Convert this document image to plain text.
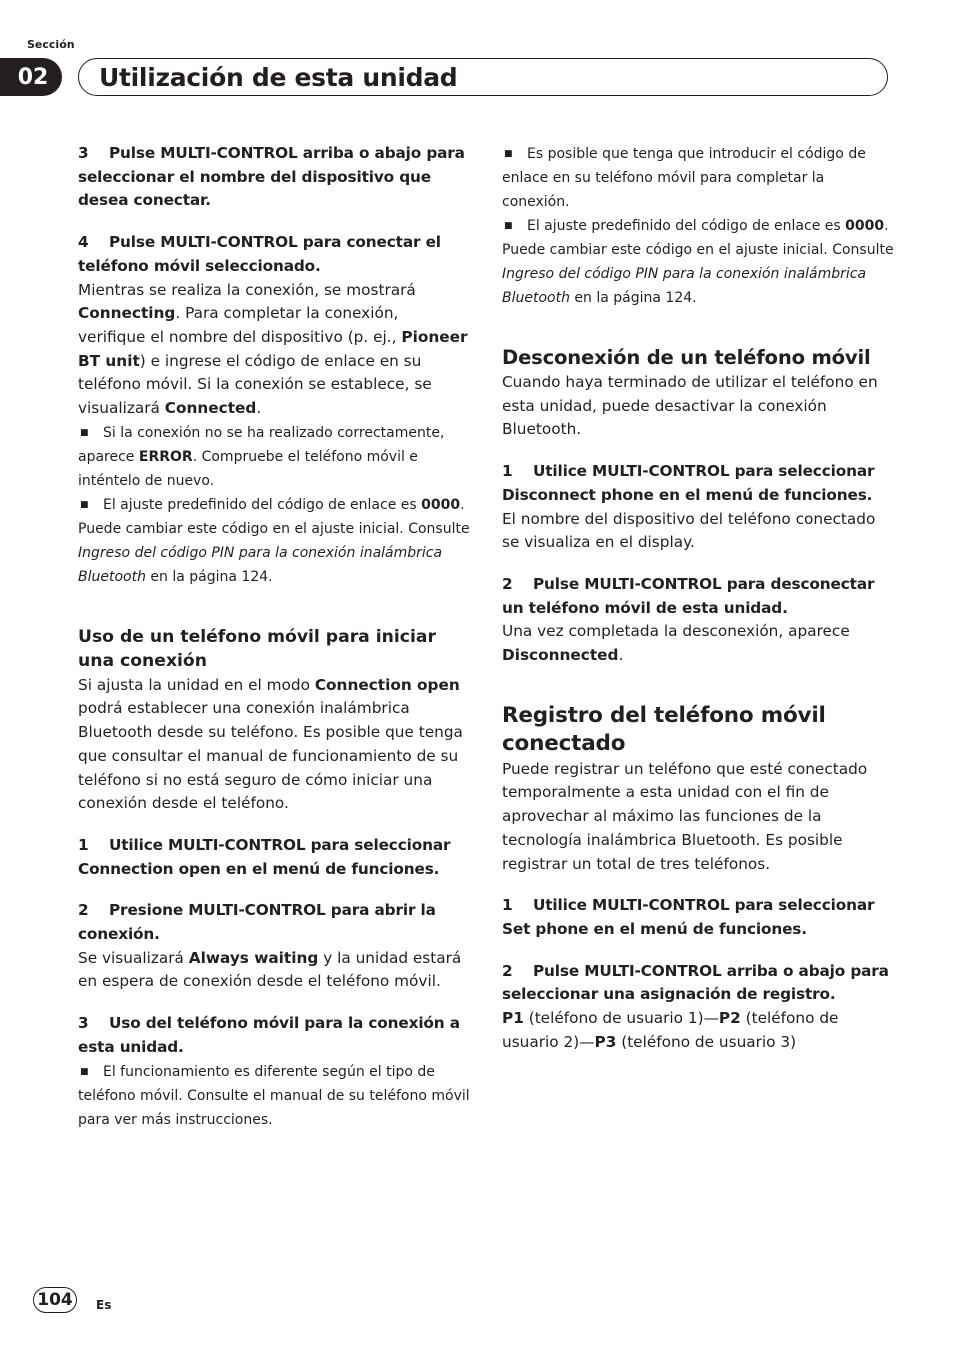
Sección
02	Utilización de esta unidad
3 Pulse MULTI-CONTROL arriba o abajo para seleccionar el nombre del dispositivo que desea conectar.
4 Pulse MULTI-CONTROL para conectar el teléfono móvil seleccionado.
Mientras se realiza la conexión, se mostrará Connecting. Para completar la conexión, verifique el nombre del dispositivo (p. ej., Pioneer BT unit) e ingrese el código de enlace en su teléfono móvil. Si la conexión se establece, se visualizará Connected.
■ Si la conexión no se ha realizado correctamente, aparece ERROR. Compruebe el teléfono móvil e inténtelo de nuevo.
■ El ajuste predefinido del código de enlace es 0000. Puede cambiar este código en el ajuste inicial. Consulte Ingreso del código PIN para la conexión inalámbrica Bluetooth en la página 124.
Uso de un teléfono móvil para iniciar una conexión
Si ajusta la unidad en el modo Connection open podrá establecer una conexión inalámbrica Bluetooth desde su teléfono. Es posible que tenga que consultar el manual de funcionamiento de su teléfono si no está seguro de cómo iniciar una conexión desde el teléfono.
1 Utilice MULTI-CONTROL para seleccionar Connection open en el menú de funciones.
2 Presione MULTI-CONTROL para abrir la conexión.
Se visualizará Always waiting y la unidad estará en espera de conexión desde el teléfono móvil.
3 Uso del teléfono móvil para la conexión a esta unidad.
■ El funcionamiento es diferente según el tipo de teléfono móvil. Consulte el manual de su teléfono móvil para ver más instrucciones.
■ Es posible que tenga que introducir el código de enlace en su teléfono móvil para completar la conexión.
■ El ajuste predefinido del código de enlace es 0000. Puede cambiar este código en el ajuste inicial. Consulte Ingreso del código PIN para la conexión inalámbrica Bluetooth en la página 124.
Desconexión de un teléfono móvil
Cuando haya terminado de utilizar el teléfono en esta unidad, puede desactivar la conexión Bluetooth.
1 Utilice MULTI-CONTROL para seleccionar Disconnect phone en el menú de funciones.
El nombre del dispositivo del teléfono conectado se visualiza en el display.
2 Pulse MULTI-CONTROL para desconectar un teléfono móvil de esta unidad.
Una vez completada la desconexión, aparece Disconnected.
Registro del teléfono móvil conectado
Puede registrar un teléfono que esté conectado temporalmente a esta unidad con el fin de aprovechar al máximo las funciones de la tecnología inalámbrica Bluetooth. Es posible registrar un total de tres teléfonos.
1 Utilice MULTI-CONTROL para seleccionar Set phone en el menú de funciones.
2 Pulse MULTI-CONTROL arriba o abajo para seleccionar una asignación de registro.
P1 (teléfono de usuario 1)—P2 (teléfono de usuario 2)—P3 (teléfono de usuario 3)
104	Es
